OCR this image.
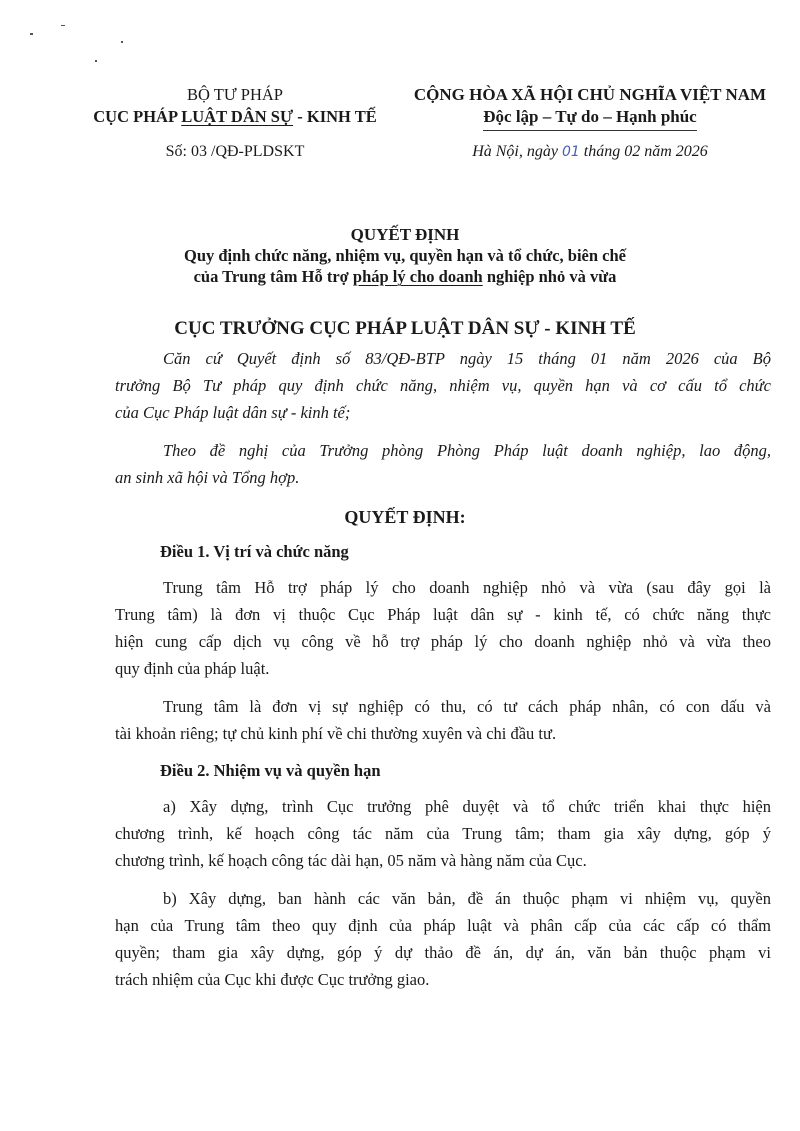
BỘ TƯ PHÁP
CỤC PHÁP LUẬT DÂN SỰ - KINH TẾ
Số: 03 /QĐ-PLDSKT
CỘNG HÒA XÃ HỘI CHỦ NGHĨA VIỆT NAM
Độc lập – Tự do – Hạnh phúc
Hà Nội, ngày 01 tháng 02 năm 2026
QUYẾT ĐỊNH
Quy định chức năng, nhiệm vụ, quyền hạn và tổ chức, biên chế
của Trung tâm Hỗ trợ pháp lý cho doanh nghiệp nhỏ và vừa
CỤC TRƯỞNG CỤC PHÁP LUẬT DÂN SỰ - KINH TẾ
Căn cứ Quyết định số 83/QĐ-BTP ngày 15 tháng 01 năm 2026 của Bộ
trưởng Bộ Tư pháp quy định chức năng, nhiệm vụ, quyền hạn và cơ cấu tổ chức
của Cục Pháp luật dân sự - kinh tế;
Theo đề nghị của Trưởng phòng Phòng Pháp luật doanh nghiệp, lao động,
an sinh xã hội và Tổng hợp.
QUYẾT ĐỊNH:
Điều 1. Vị trí và chức năng
Trung tâm Hỗ trợ pháp lý cho doanh nghiệp nhỏ và vừa (sau đây gọi là
Trung tâm) là đơn vị thuộc Cục Pháp luật dân sự - kinh tế, có chức năng thực
hiện cung cấp dịch vụ công về hỗ trợ pháp lý cho doanh nghiệp nhỏ và vừa theo
quy định của pháp luật.
Trung tâm là đơn vị sự nghiệp có thu, có tư cách pháp nhân, có con dấu và
tài khoản riêng; tự chủ kinh phí về chi thường xuyên và chi đầu tư.
Điều 2. Nhiệm vụ và quyền hạn
a) Xây dựng, trình Cục trưởng phê duyệt và tổ chức triển khai thực hiện
chương trình, kế hoạch công tác năm của Trung tâm; tham gia xây dựng, góp ý
chương trình, kế hoạch công tác dài hạn, 05 năm và hàng năm của Cục.
b) Xây dựng, ban hành các văn bản, đề án thuộc phạm vi nhiệm vụ, quyền
hạn của Trung tâm theo quy định của pháp luật và phân cấp của các cấp có thẩm
quyền; tham gia xây dựng, góp ý dự thảo đề án, dự án, văn bản thuộc phạm vi
trách nhiệm của Cục khi được Cục trưởng giao.
